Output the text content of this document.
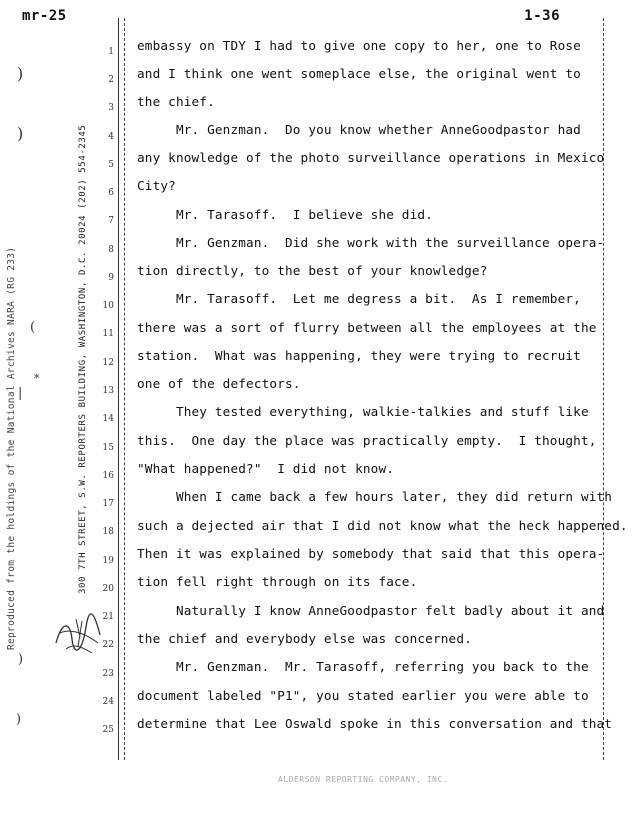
mr-25	1-36
Reproduced from the holdings of the National Archives NARA (RG 233)	300 7TH STREET, S.W. REPORTERS BUILDING, WASHINGTON, D.C. 20024 (202) 554-2345
)
)
(
*
|
)
)
1
2
3
4
5
6
7
8
9
10
11
12
13
14
15
16
17
18
19
20
21
22
23
24
25
embassy on TDY I had to give one copy to her, one to Rose
and I think one went someplace else, the original went to
the chief.
Mr. Genzman.  Do you know whether AnneGoodpastor had
any knowledge of the photo surveillance operations in Mexico
City?
Mr. Tarasoff.  I believe she did.
Mr. Genzman.  Did she work with the surveillance opera-
tion directly, to the best of your knowledge?
Mr. Tarasoff.  Let me degress a bit.  As I remember,
there was a sort of flurry between all the employees at the
station.  What was happening, they were trying to recruit
one of the defectors.
They tested everything, walkie-talkies and stuff like
this.  One day the place was practically empty.  I thought,
"What happened?"  I did not know.
When I came back a few hours later, they did return with
such a dejected air that I did not know what the heck happened.
Then it was explained by somebody that said that this opera-
tion fell right through on its face.
Naturally I know AnneGoodpastor felt badly about it and
the chief and everybody else was concerned.
Mr. Genzman.  Mr. Tarasoff, referring you back to the
document labeled "P1", you stated earlier you were able to
determine that Lee Oswald spoke in this conversation and that
ALDERSON REPORTING COMPANY, INC.
